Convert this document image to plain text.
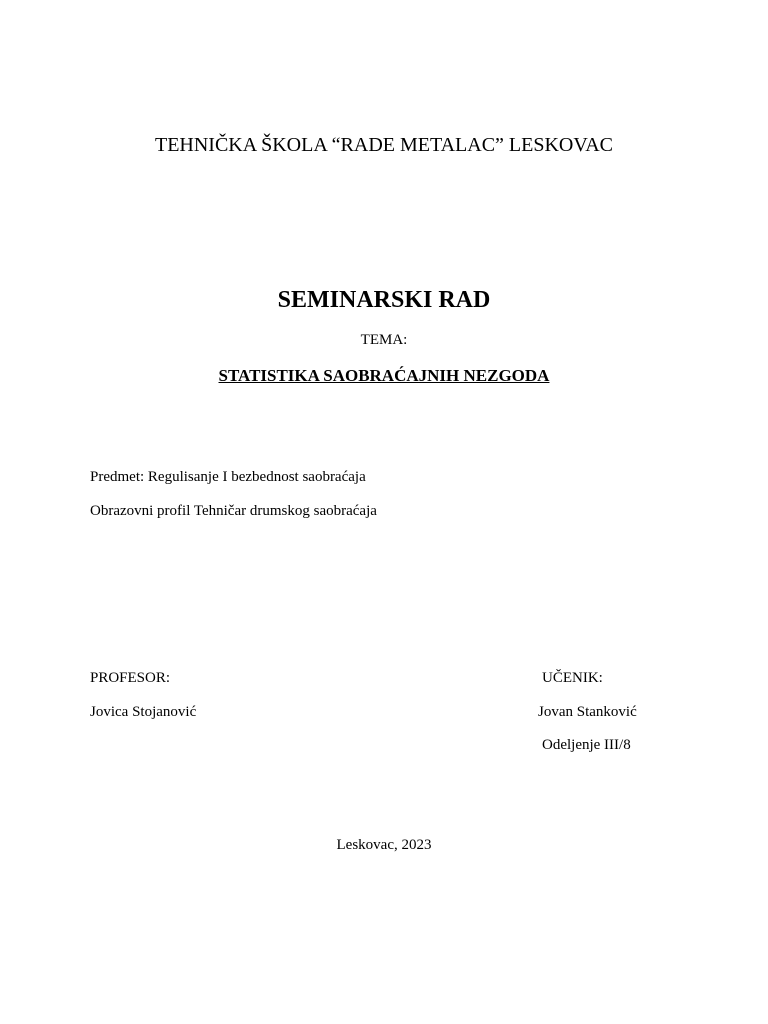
TEHNIČKA ŠKOLA “RADE METALAC” LESKOVAC
SEMINARSKI RAD
TEMA:
STATISTIKA SAOBRAĆAJNIH NEZGODA
Predmet: Regulisanje I bezbednost saobraćaja
Obrazovni profil Tehničar drumskog saobraćaja
PROFESOR:
Jovica Stojanović
UČENIK:
Jovan Stanković
Odeljenje III/8
Leskovac, 2023
